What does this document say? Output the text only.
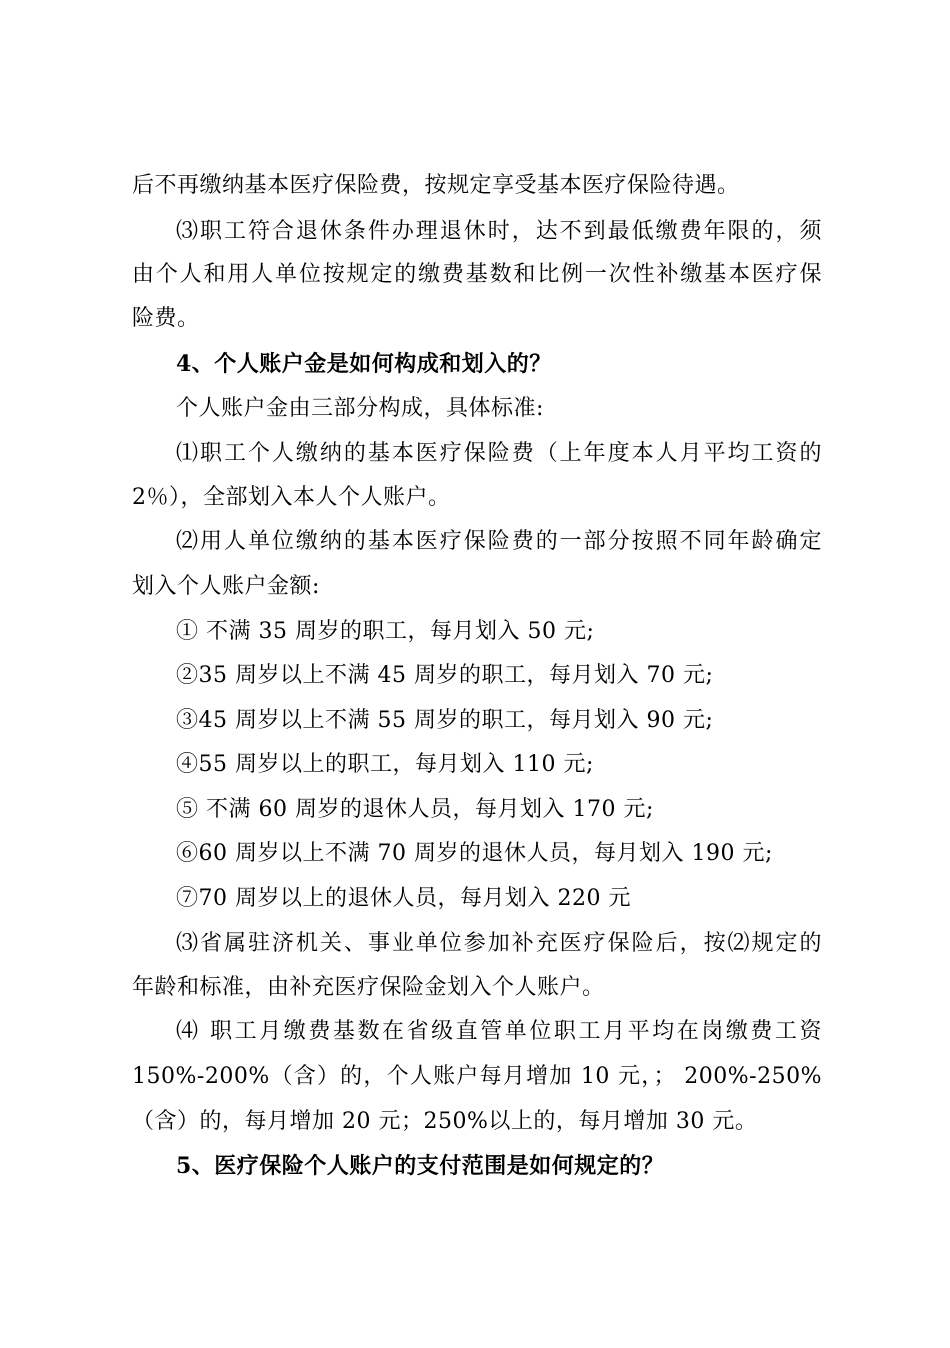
后不再缴纳基本医疗保险费，按规定享受基本医疗保险待遇。
⑶职工符合退休条件办理退休时，达不到最低缴费年限的，须
由个人和用人单位按规定的缴费基数和比例一次性补缴基本医疗保
险费。
4、个人账户金是如何构成和划入的？
个人账户金由三部分构成，具体标准:
⑴职工个人缴纳的基本医疗保险费（上年度本人月平均工资的
2％），全部划入本人个人账户。
⑵用人单位缴纳的基本医疗保险费的一部分按照不同年龄确定
划入个人账户金额:
① 不满 35 周岁的职工，每月划入 50 元;
②35 周岁以上不满 45 周岁的职工，每月划入 70 元;
③45 周岁以上不满 55 周岁的职工，每月划入 90 元;
④55 周岁以上的职工，每月划入 110 元;
⑤ 不满 60 周岁的退休人员，每月划入 170 元;
⑥60 周岁以上不满 70 周岁的退休人员，每月划入 190 元;
⑦70 周岁以上的退休人员，每月划入 220 元
⑶省属驻济机关、事业单位参加补充医疗保险后，按⑵规定的
年龄和标准，由补充医疗保险金划入个人账户。
⑷ 职工月缴费基数在省级直管单位职工月平均在岗缴费工资
150%-200%（含）的，个人账户每月增加 10 元，； 200%-250%
（含）的，每月增加 20 元；250%以上的，每月增加 30 元。
5、医疗保险个人账户的支付范围是如何规定的？
